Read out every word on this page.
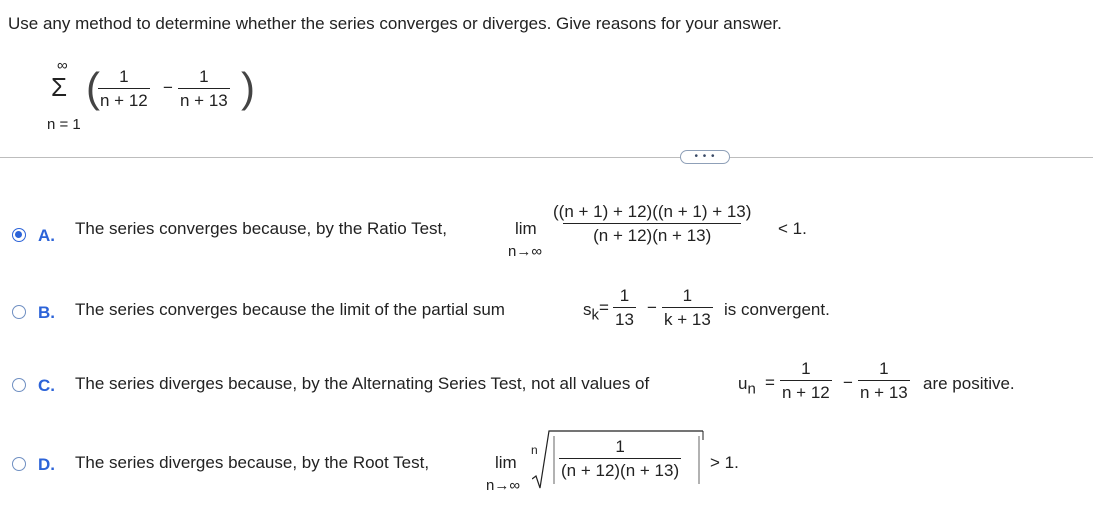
Use any method to determine whether the series converges or diverges. Give reasons for your answer.
∞
Σ
n = 1
(
$\frac{1}{n + 12} - \frac{1}{n + 13}$ )
• • •
A. The series converges because, by the Ratio Test,	lim
n→∞
$\frac{((n + 1) + 12)((n + 1) + 13)}{(n + 12)(n + 13)} < 1$.
B. The series converges because the limit of the partial sum	$s_k = \frac{1}{13} - \frac{1}{k + 13}$ is convergent.
C. The series diverges because, by the Alternating Series Test, not all values of	$u_n = \frac{1}{n + 12} - \frac{1}{n + 13}$ are positive.
D. The series diverges because, by the Root Test,	lim
n→∞
n $\frac{1}{(n + 12)(n + 13)} > 1$.
